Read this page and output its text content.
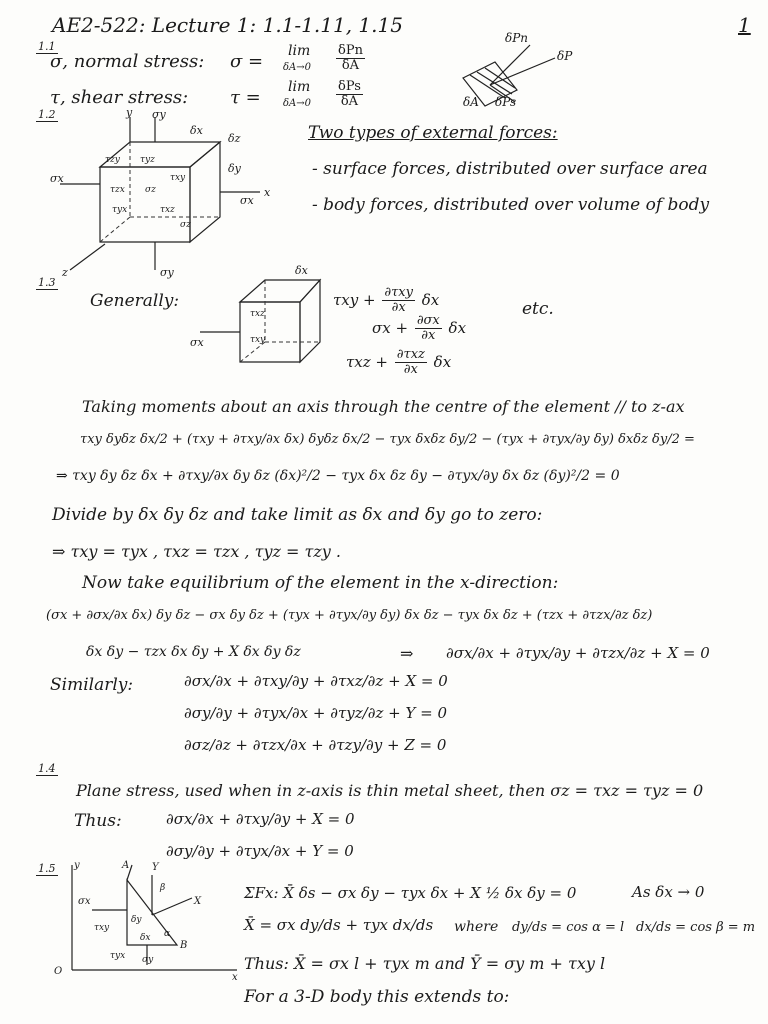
AE2-522: Lecture 1: 1.1-1.11, 1.15	1
1.1
σ, normal stress: σ = lim
δA→0
δPn
δA
τ, shear stress: τ = lim
δA→0
δPs
δA
δPn
δP
δA δPs
1.2	y σy
δx
δz
δy
σx
σx
x
z	σy
τzy τyz
τxy
τzx
τyx	τxz
σz
σz
Two types of external forces:
- surface forces, distributed over surface area
- body forces, distributed over volume of body
1.3
Generally:
δx
τxz
τxy
σx
$\tau xy + \frac{\text{∂τxy}}{\partial x}$ δx
$\sigma x + \frac{\partial\sigma x}{\partial x}$ δx
$\tau xz + \frac{\text{∂τxz}}{\partial x}$ δx
etc.
Taking moments about an axis through the centre of the element // to z-ax
τxy δyδz δx/2 + (τxy + ∂τxy/∂x δx) δyδz δx/2 − τyx δxδz δy/2 − (τyx + ∂τyx/∂y δy) δxδz δy/2 =
⇒ τxy δy δz δx + ∂τxy/∂x δy δz (δx)²/2 − τyx δx δz δy − ∂τyx/∂y δx δz (δy)²/2 = 0
Divide by δx δy δz and take limit as δx and δy go to zero:
⇒ τxy = τyx , τxz = τzx , τyz = τzy .
Now take equilibrium of the element in the x-direction:
(σx + ∂σx/∂x δx) δy δz − σx δy δz + (τyx + ∂τyx/∂y δy) δx δz − τyx δx δz + (τzx + ∂τzx/∂z δz)
δx δy − τzx δx δy + X δx δy δz	⇒ ∂σx/∂x + ∂τyx/∂y + ∂τzx/∂z + X = 0
Similarly:	∂σx/∂x + ∂τxy/∂y + ∂τxz/∂z + X = 0
∂σy/∂y + ∂τyx/∂x + ∂τyz/∂z + Y = 0
∂σz/∂z + ∂τzx/∂x + ∂τzy/∂y + Z = 0
1.4
Plane stress, used when in z-axis is thin metal sheet, then σz = τxz = τyz = 0
Thus:	∂σx/∂x + ∂τxy/∂y + X = 0
∂σy/∂y + ∂τyx/∂x + Y = 0
1.5 y	A Y
β
X
σx
τxy
δy
δx
τyx σy
B
O
x
α
ΣFx: X̄ δs − σx δy − τyx δx + X ½ δx δy = 0	As δx → 0
X̄ = σx dy/ds + τyx dx/ds where dy/ds = cos α = l dx/ds = cos β = m
Thus: X̄ = σx l + τyx m and Ȳ = σy m + τxy l
For a 3-D body this extends to:
